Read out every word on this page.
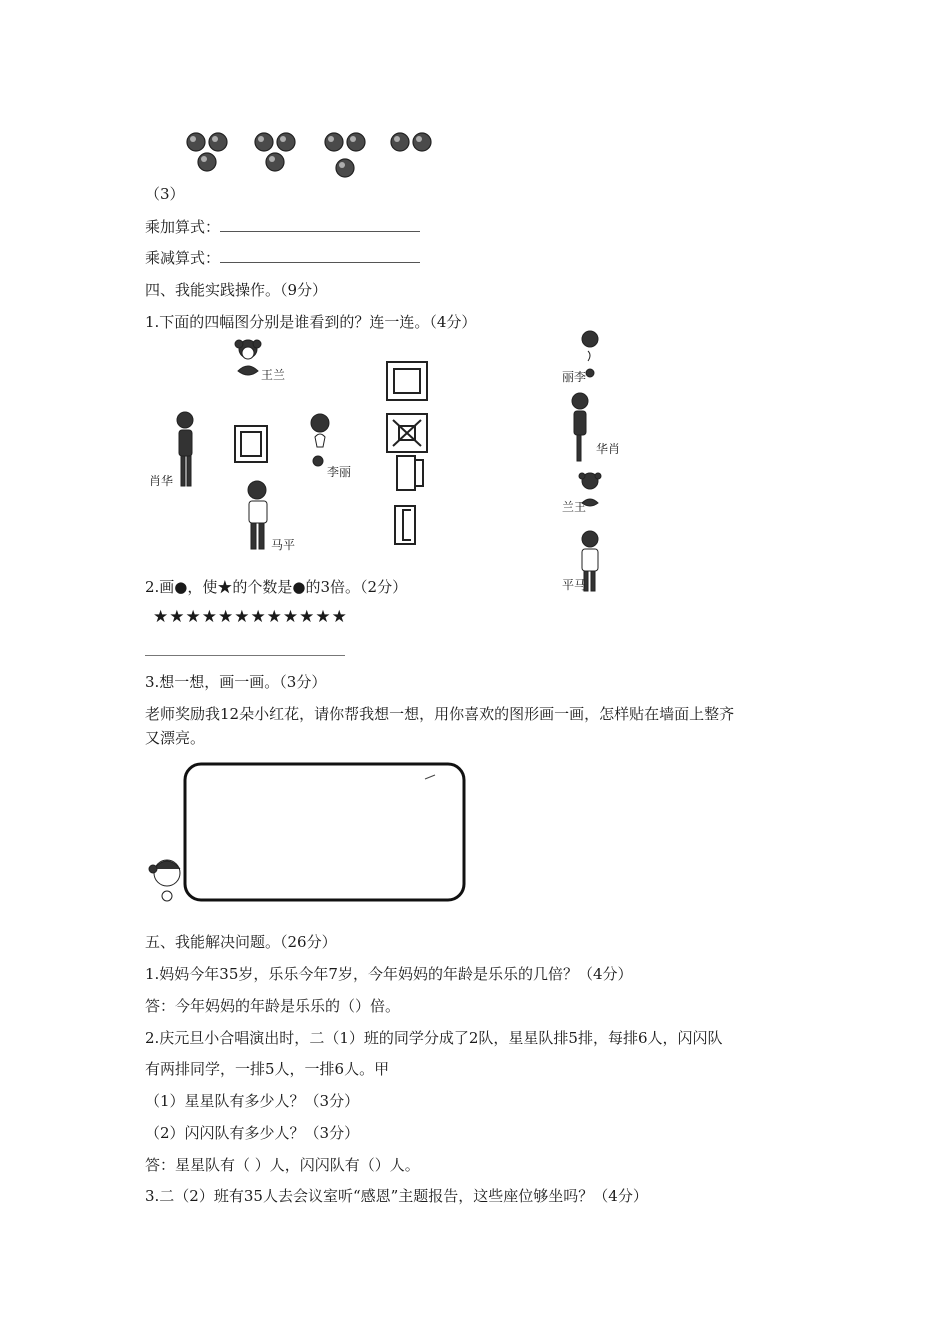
（3）
乘加算式：
乘减算式：
四、我能实践操作。（9分）
1.下面的四幅图分别是谁看到的？连一连。（4分）
王兰
肖华
李丽
马平
丽李
华肖
兰王
平马
2.画●，使★的个数是●的3倍。（2分）
★★★★★★★★★★★★
3.想一想，画一画。（3分）
老师奖励我12朵小红花，请你帮我想一想，用你喜欢的图形画一画，怎样贴在墙面上整齐
又漂亮。
五、我能解决问题。（26分）
1.妈妈今年35岁，乐乐今年7岁，今年妈妈的年龄是乐乐的几倍？（4分）
答：今年妈妈的年龄是乐乐的（）倍。
2.庆元旦小合唱演出时，二（1）班的同学分成了2队，星星队排5排，每排6人，闪闪队
有两排同学，一排5人，一排6人。甲
（1）星星队有多少人？（3分）
（2）闪闪队有多少人？（3分）
答：星星队有（ ）人，闪闪队有（）人。
3.二（2）班有35人去会议室听“感恩”主题报告，这些座位够坐吗？（4分）
